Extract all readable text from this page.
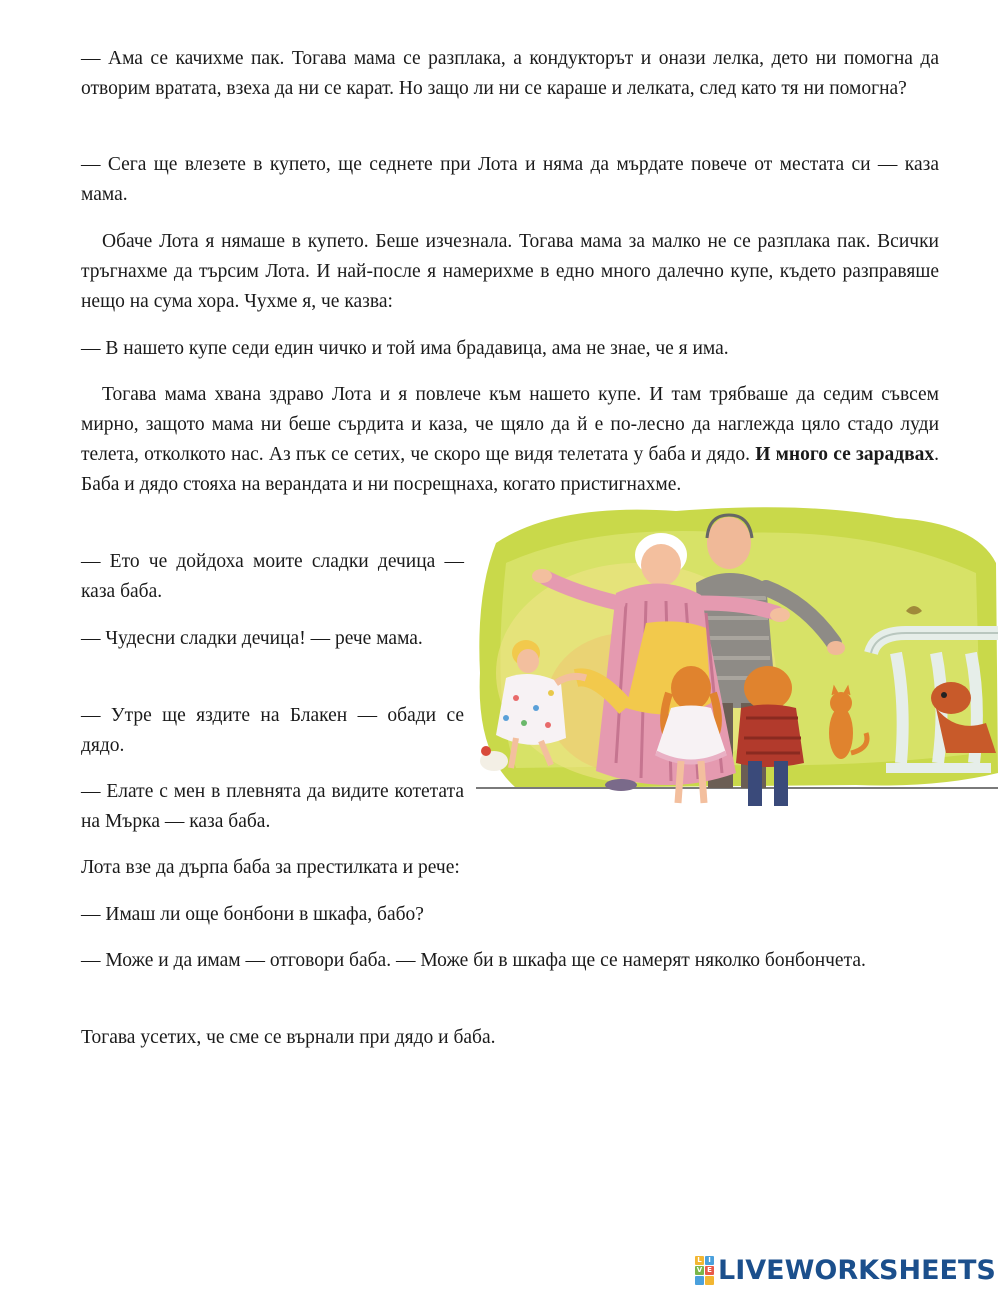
— Ама се качихме пак. Тогава мама се разплака, а кондукторът и онази лелка, дето ни помогна да отворим вратата, взеха да ни се карат. Но защо ли ни се караше и лелката, след като тя ни помогна?

— Сега ще влезете в купето, ще седнете при Лота и няма да мърдате повече от местата си — каза мама.

Обаче Лота я нямаше в купето. Беше изчезнала. Тогава мама за малко не се разплака пак. Всички тръгнахме да търсим Лота. И най-после я намерихме в едно много далечно купе, където разправяше нещо на сума хора. Чухме я, че казва:

— В нашето купе седи един чичко и той има брадавица, ама не знае, че я има.

Тогава мама хвана здраво Лота и я повлече към нашето купе. И там трябваше да седим съвсем мирно, защото мама ни беше сърдита и каза, че щяло да й е по-лесно да наглежда цяло стадо луди телета, отколкото нас. Аз пък се сетих, че скоро ще видя телетата у баба и дядо. И много се зарадвах. Баба и дядо стояха на верандата и ни посрещнаха, когато пристигнахме.

— Ето че дойдоха моите сладки дечица — каза баба.

— Чудесни сладки дечица! — рече мама.

— Утре ще яздите на Блакен — обади се дядо.

— Елате с мен в плевнята да видите котетата на Мърка — каза баба.

Лота взе да дърпа баба за престилката и рече:

— Имаш ли още бонбони в шкафа, бабо?

— Може и да имам — отговори баба. — Може би в шкафа ще се намерят няколко бонбончета.

Тогава усетих, че сме се върнали при дядо и баба.

L I
V E LIVEWORKSHEETS
